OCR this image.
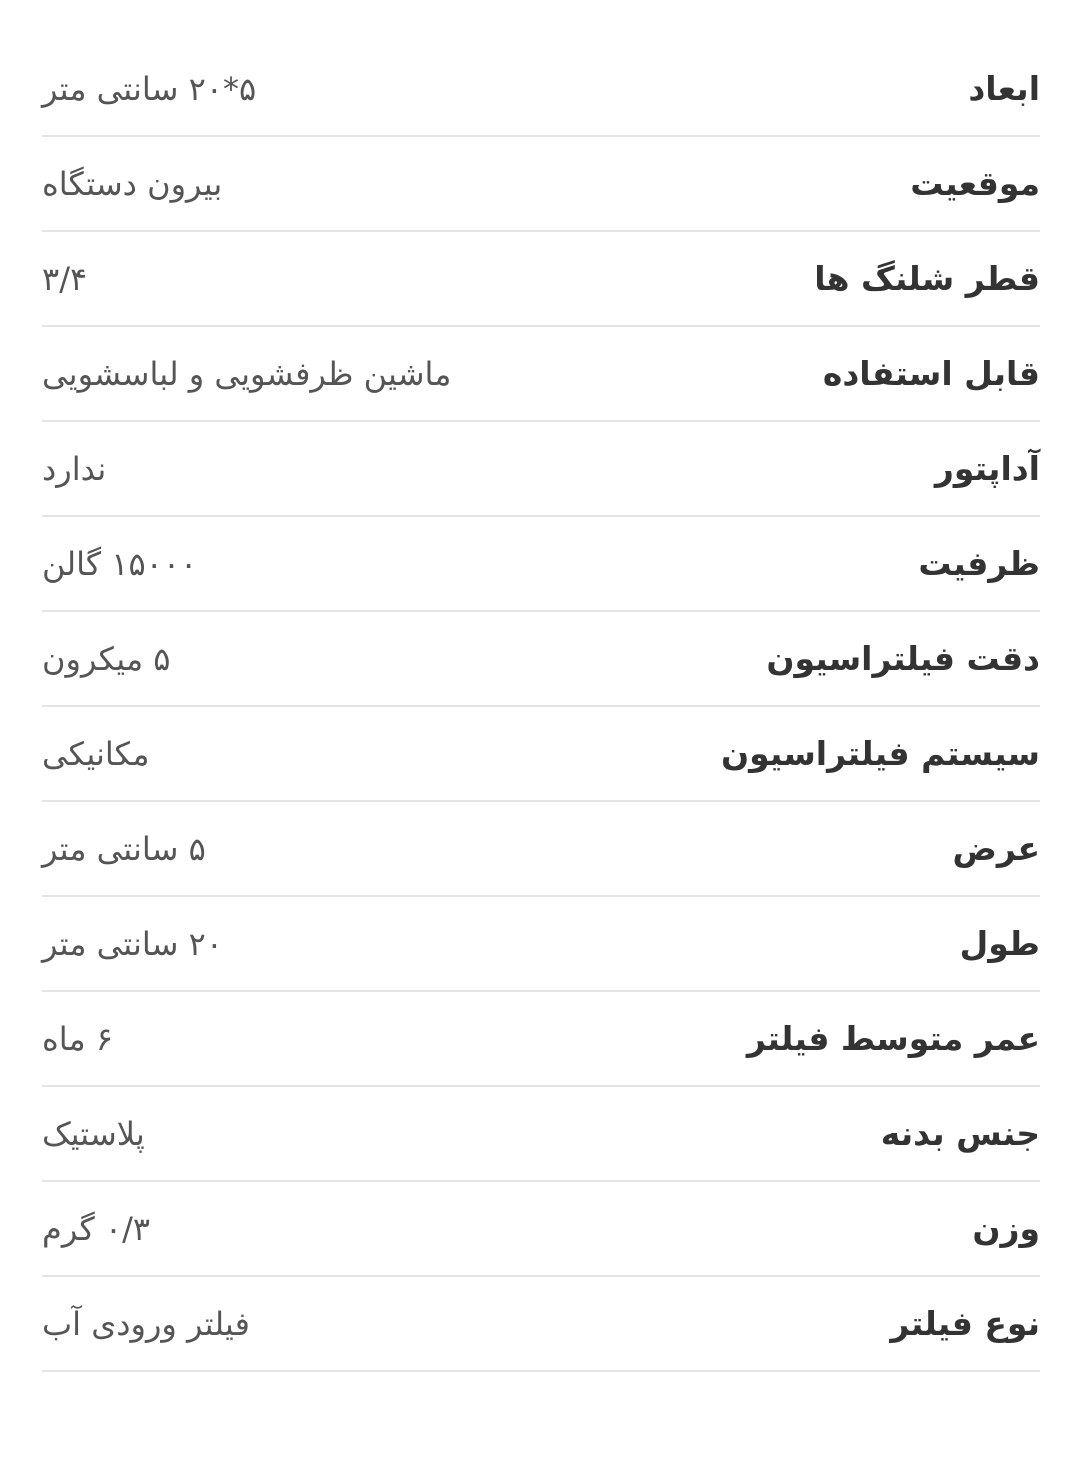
ابعاد
۵*۲۰ سانتی متر
موقعیت
بیرون دستگاه
قطر شلنگ ها
۳/۴
قابل استفاده
ماشین ظرفشویی و لباسشویی
آداپتور
ندارد
ظرفیت
۱۵۰۰۰ گالن
دقت فیلتراسیون
۵ میکرون
سیستم فیلتراسیون
مکانیکی
عرض
۵ سانتی متر
طول
۲۰ سانتی متر
عمر متوسط فیلتر
۶ ماه
جنس بدنه
پلاستیک
وزن
۰/۳ گرم
نوع فیلتر
فیلتر ورودی آب
